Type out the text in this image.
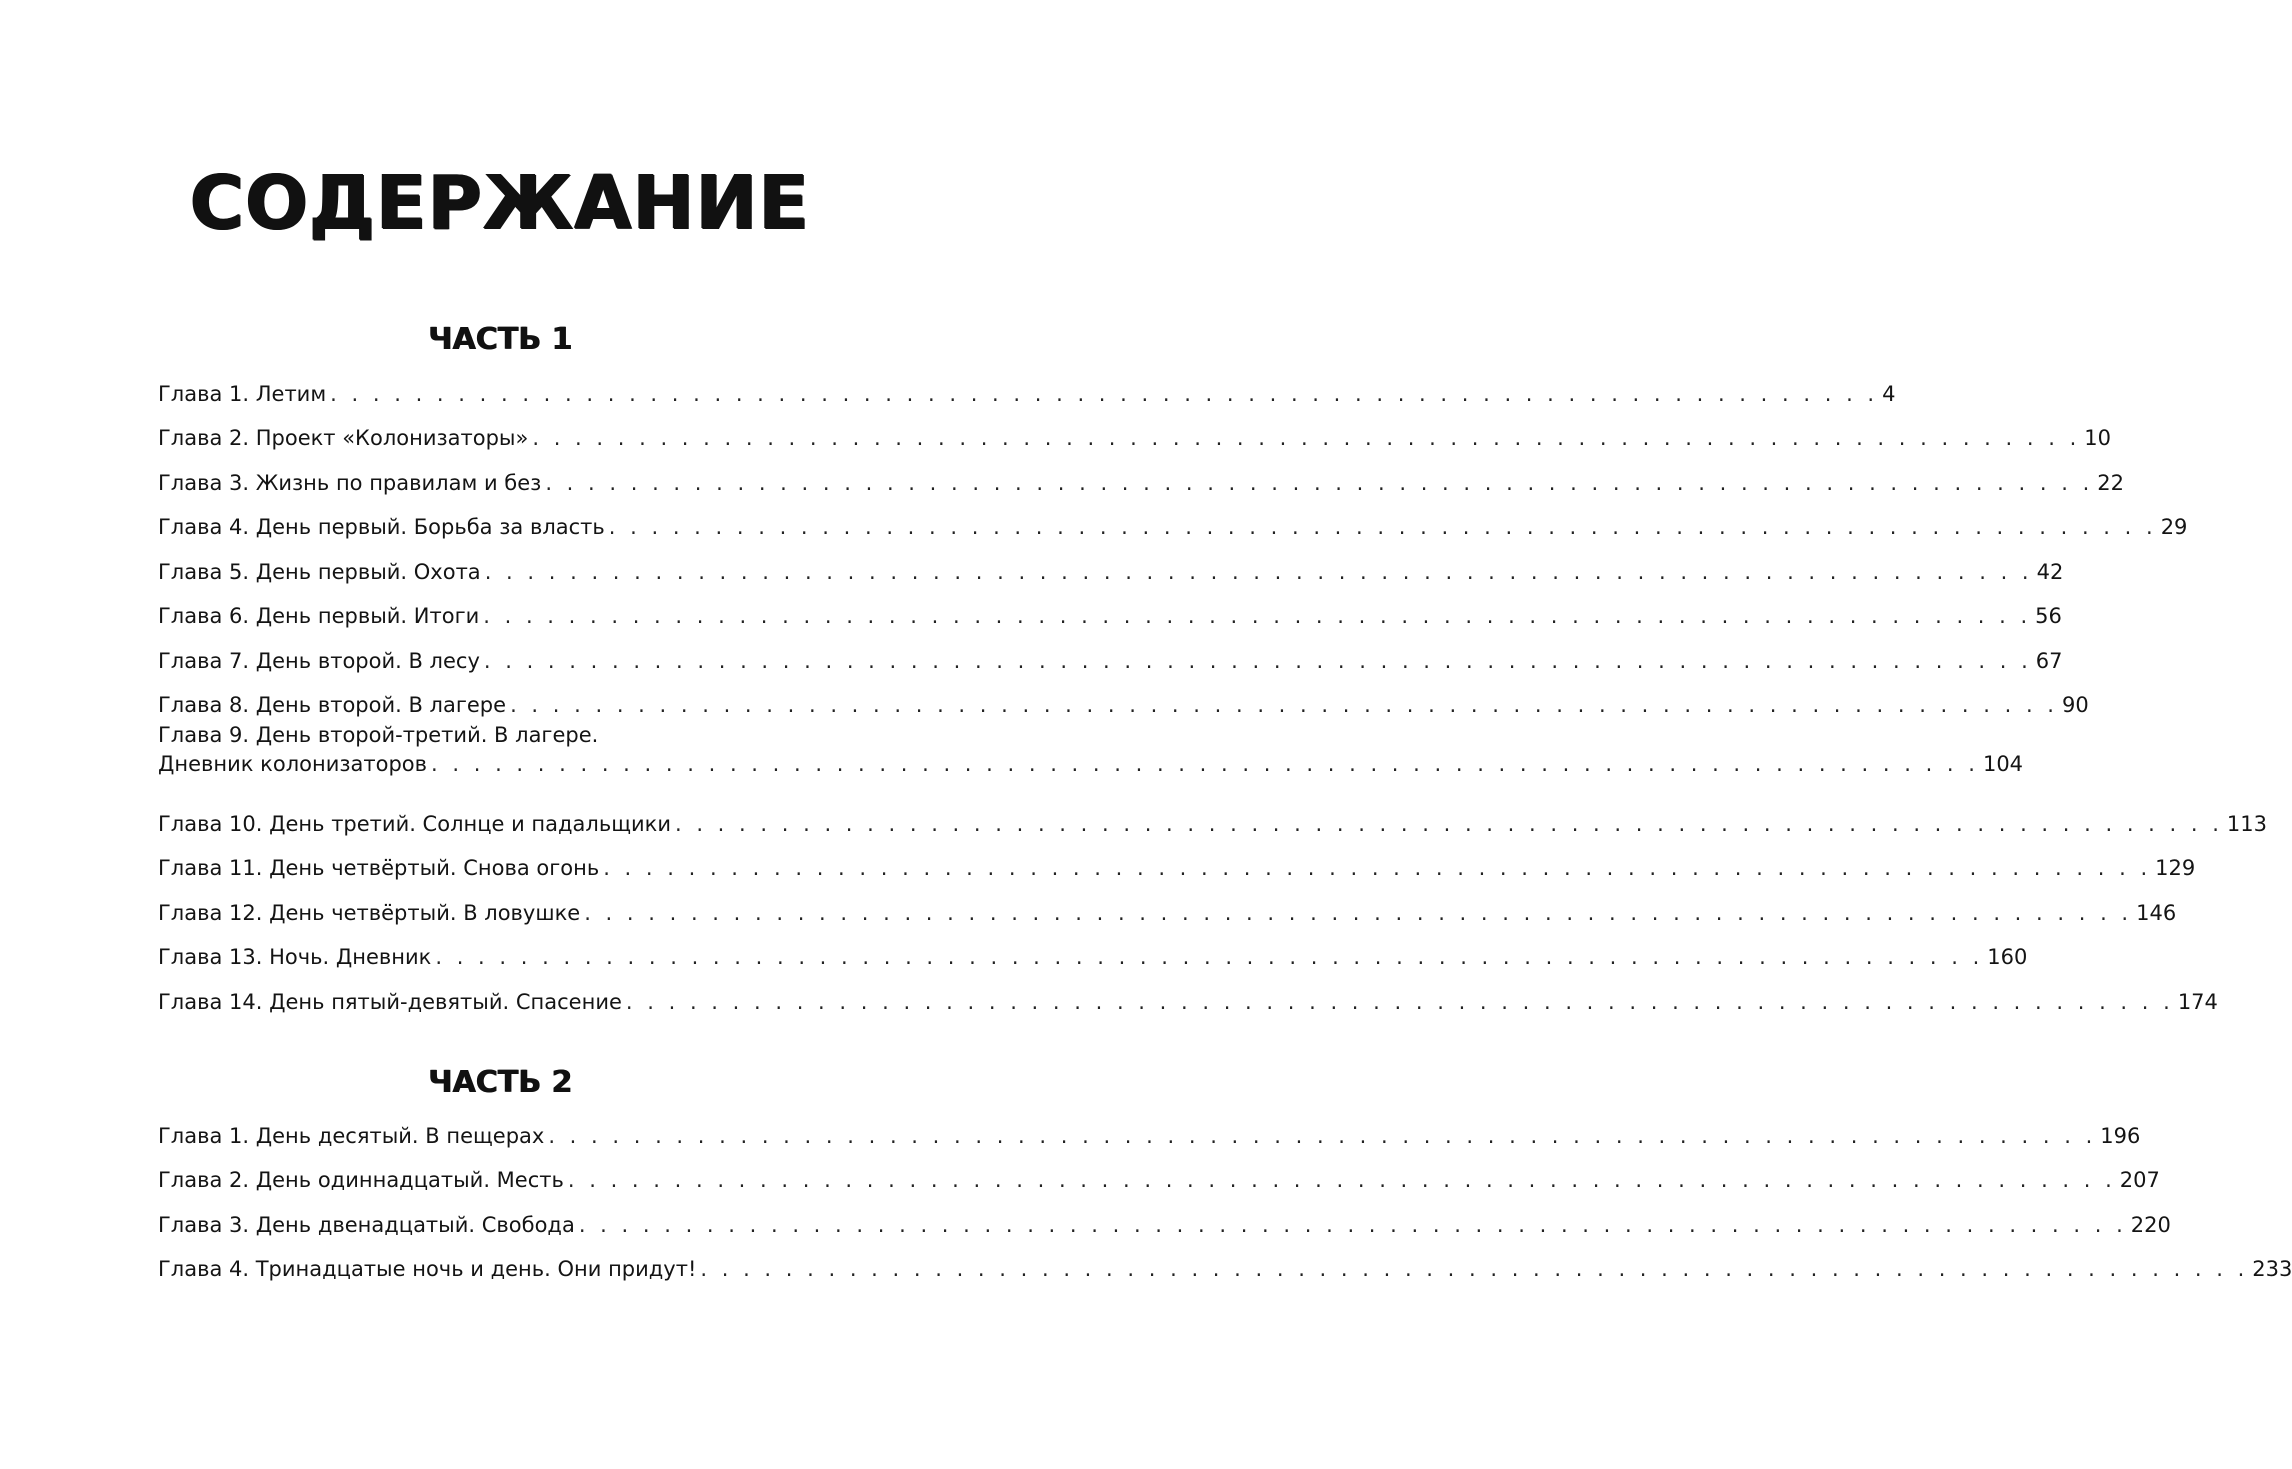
СОДЕРЖАНИЕ
ЧАСТЬ 1
Глава 1. Летим . . . . . . . . . . . . . . . . . . . . . . . . . . . . . . . . . . . . . . . . . . . . . . . . . . . . . . . . . . . . . . . . . . . . . . . . . 4
Глава 2. Проект «Колонизаторы» . . . . . . . . . . . . . . . . . . . . . . . . . . . . . . . . . . . . . . . . . . . . . . . . . . . . . . . . . . . . . . . . . . . . . . . . . 10
Глава 3. Жизнь по правилам и без . . . . . . . . . . . . . . . . . . . . . . . . . . . . . . . . . . . . . . . . . . . . . . . . . . . . . . . . . . . . . . . . . . . . . . . . . 22
Глава 4. День первый. Борьба за власть . . . . . . . . . . . . . . . . . . . . . . . . . . . . . . . . . . . . . . . . . . . . . . . . . . . . . . . . . . . . . . . . . . . . . . . . . 29
Глава 5. День первый. Охота . . . . . . . . . . . . . . . . . . . . . . . . . . . . . . . . . . . . . . . . . . . . . . . . . . . . . . . . . . . . . . . . . . . . . . . . . 42
Глава 6. День первый. Итоги . . . . . . . . . . . . . . . . . . . . . . . . . . . . . . . . . . . . . . . . . . . . . . . . . . . . . . . . . . . . . . . . . . . . . . . . . 56
Глава 7. День второй. В лесу . . . . . . . . . . . . . . . . . . . . . . . . . . . . . . . . . . . . . . . . . . . . . . . . . . . . . . . . . . . . . . . . . . . . . . . . . 67
Глава 8. День второй. В лагере . . . . . . . . . . . . . . . . . . . . . . . . . . . . . . . . . . . . . . . . . . . . . . . . . . . . . . . . . . . . . . . . . . . . . . . . . 90
Глава 9. День второй-третий. В лагере.
Дневник колонизаторов . . . . . . . . . . . . . . . . . . . . . . . . . . . . . . . . . . . . . . . . . . . . . . . . . . . . . . . . . . . . . . . . . . . . . . . . . 104
Глава 10. День третий. Солнце и падальщики . . . . . . . . . . . . . . . . . . . . . . . . . . . . . . . . . . . . . . . . . . . . . . . . . . . . . . . . . . . . . . . . . . . . . . . . . 113
Глава 11. День четвёртый. Снова огонь . . . . . . . . . . . . . . . . . . . . . . . . . . . . . . . . . . . . . . . . . . . . . . . . . . . . . . . . . . . . . . . . . . . . . . . . . 129
Глава 12. День четвёртый. В ловушке . . . . . . . . . . . . . . . . . . . . . . . . . . . . . . . . . . . . . . . . . . . . . . . . . . . . . . . . . . . . . . . . . . . . . . . . . 146
Глава 13. Ночь. Дневник . . . . . . . . . . . . . . . . . . . . . . . . . . . . . . . . . . . . . . . . . . . . . . . . . . . . . . . . . . . . . . . . . . . . . . . . . 160
Глава 14. День пятый-девятый. Спасение . . . . . . . . . . . . . . . . . . . . . . . . . . . . . . . . . . . . . . . . . . . . . . . . . . . . . . . . . . . . . . . . . . . . . . . . . 174
ЧАСТЬ 2
Глава 1. День десятый. В пещерах . . . . . . . . . . . . . . . . . . . . . . . . . . . . . . . . . . . . . . . . . . . . . . . . . . . . . . . . . . . . . . . . . . . . . . . . . 196
Глава 2. День одиннадцатый. Месть . . . . . . . . . . . . . . . . . . . . . . . . . . . . . . . . . . . . . . . . . . . . . . . . . . . . . . . . . . . . . . . . . . . . . . . . . 207
Глава 3. День двенадцатый. Свобода . . . . . . . . . . . . . . . . . . . . . . . . . . . . . . . . . . . . . . . . . . . . . . . . . . . . . . . . . . . . . . . . . . . . . . . . . 220
Глава 4. Тринадцатые ночь и день. Они придут! . . . . . . . . . . . . . . . . . . . . . . . . . . . . . . . . . . . . . . . . . . . . . . . . . . . . . . . . . . . . . . . . . . . . . . . . . 233
